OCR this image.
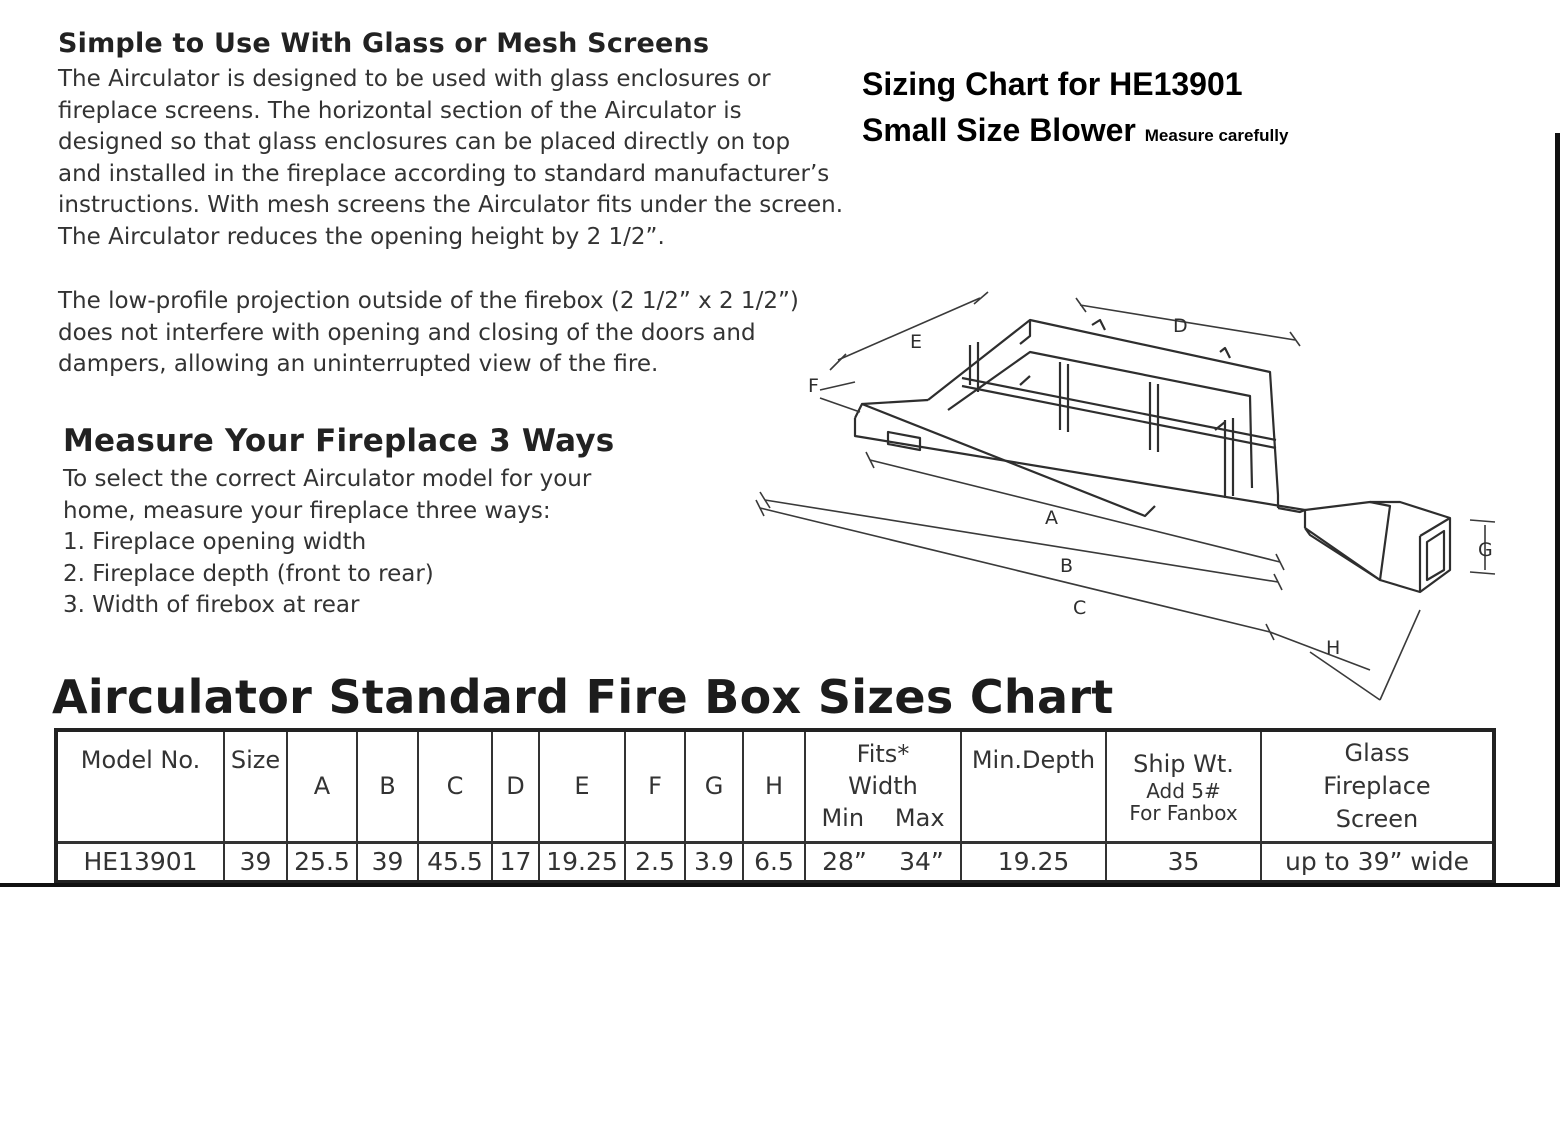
Simple to Use With Glass or Mesh Screens
The Airculator is designed to be used with glass enclosures or
fireplace screens. The horizontal section of the Airculator is
designed so that glass enclosures can be placed directly on top
and installed in the fireplace according to standard manufacturer’s
instructions. With mesh screens the Airculator fits under the screen.
The Airculator reduces the opening height by 2 1/2”.
The low-profile projection outside of the firebox (2 1/2” x 2 1/2”)
does not interfere with opening and closing of the doors and
dampers, allowing an uninterrupted view of the fire.
Measure Your Fireplace 3 Ways
To select the correct Airculator model for your
home, measure your fireplace three ways:
1. Fireplace opening width
2. Fireplace depth (front to rear)
3. Width of firebox at rear
Sizing Chart for HE13901
Small Size Blower Measure carefully
E
D
F
A
B
C
G
H
Airculator Standard Fire Box Sizes Chart
Model No.	Size	A	B	C	D	E	F	G	H	Fits*
Width
Min Max	Min.Depth	Ship Wt.
Add 5#
For Fanbox	Glass
Fireplace
Screen

HE13901	39	25.5	39	45.5	17	19.25	2.5	3.9	6.5	28” 34”	19.25	35	up to 39” wide
